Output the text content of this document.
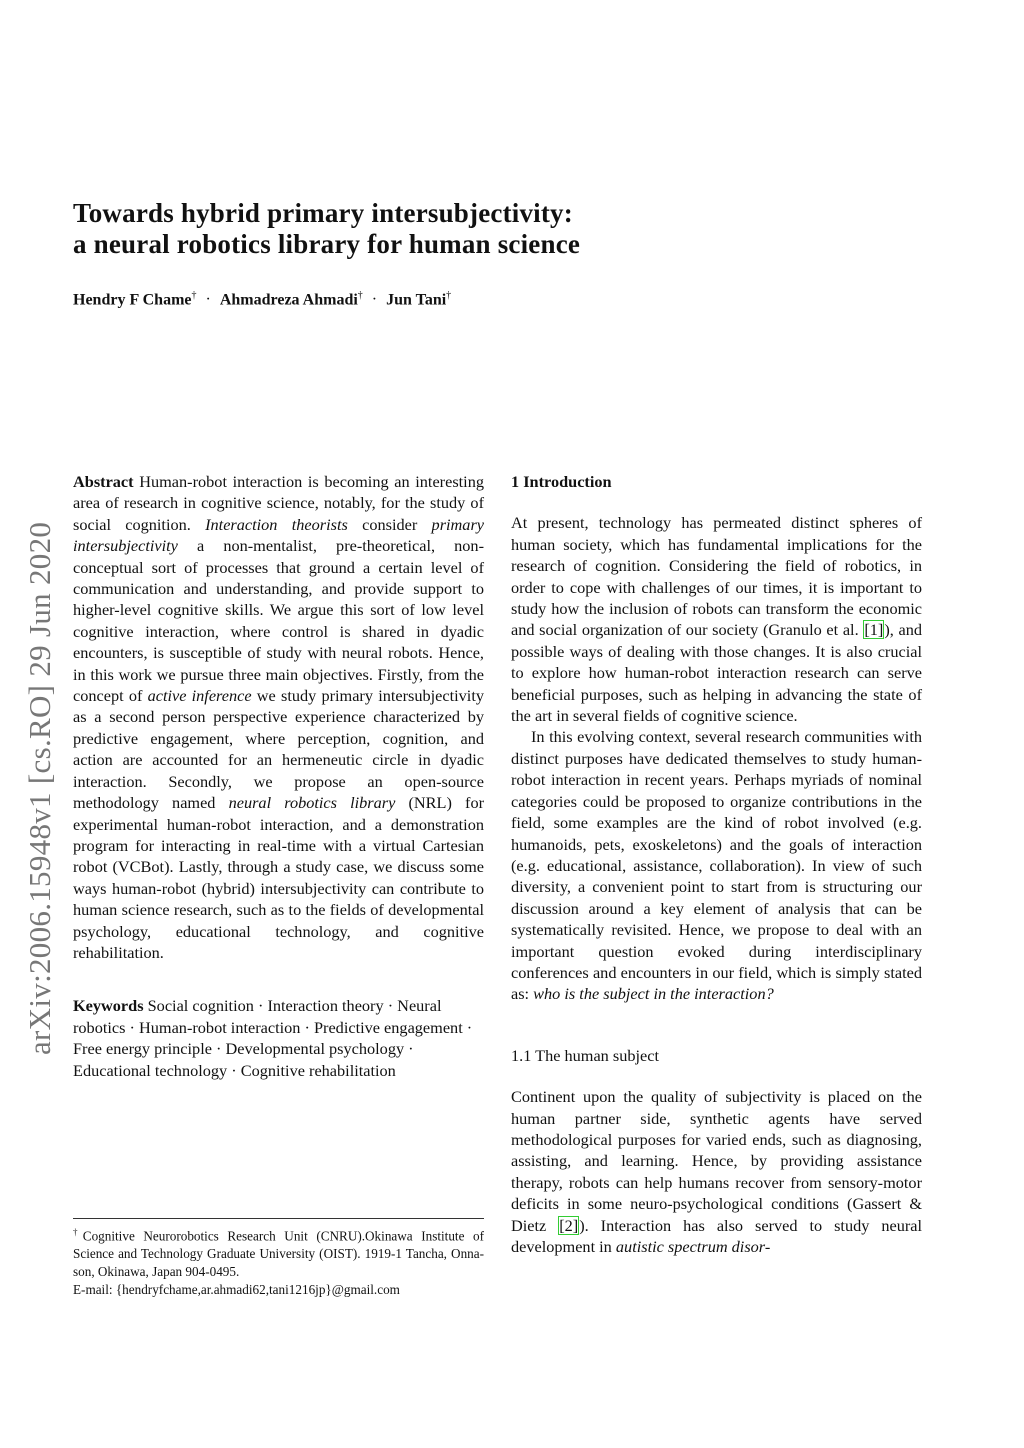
Towards hybrid primary intersubjectivity:
a neural robotics library for human science
Hendry F Chame† · Ahmadreza Ahmadi† · Jun Tani†
arXiv:2006.15948v1 [cs.RO] 29 Jun 2020

Abstract Human-robot interaction is becoming an interesting area of research in cognitive science, notably, for the study of social cognition. Interaction theorists consider primary intersubjectivity a non-mentalist, pre-theoretical, non-conceptual sort of processes that ground a certain level of communication and understanding, and provide support to higher-level cognitive skills. We argue this sort of low level cognitive interaction, where control is shared in dyadic encounters, is susceptible of study with neural robots. Hence, in this work we pursue three main objectives. Firstly, from the concept of active inference we study primary intersubjectivity as a second person perspective experience characterized by predictive engagement, where perception, cognition, and action are accounted for an hermeneutic circle in dyadic interaction. Secondly, we propose an open-source methodology named neural robotics library (NRL) for experimental human-robot interaction, and a demonstration program for interacting in real-time with a virtual Cartesian robot (VCBot). Lastly, through a study case, we discuss some ways human-robot (hybrid) intersubjectivity can contribute to human science research, such as to the fields of developmental psychology, educational technology, and cognitive rehabilitation.

Keywords Social cognition · Interaction theory · Neural robotics · Human-robot interaction · Predictive engagement · Free energy principle · Developmental psychology · Educational technology · Cognitive rehabilitation

†Cognitive Neurorobotics Research Unit (CNRU).Okinawa Institute of Science and Technology Graduate University (OIST). 1919-1 Tancha, Onna-son, Okinawa, Japan 904-0495.
E-mail: {hendryfchame,ar.ahmadi62,tani1216jp}@gmail.com

1 Introduction

At present, technology has permeated distinct spheres of human society, which has fundamental implications for the research of cognition. Considering the field of robotics, in order to cope with challenges of our times, it is important to study how the inclusion of robots can transform the economic and social organization of our society (Granulo et al. [1]), and possible ways of dealing with those changes. It is also crucial to explore how human-robot interaction research can serve beneficial purposes, such as helping in advancing the state of the art in several fields of cognitive science.

In this evolving context, several research communities with distinct purposes have dedicated themselves to study human-robot interaction in recent years. Perhaps myriads of nominal categories could be proposed to organize contributions in the field, some examples are the kind of robot involved (e.g. humanoids, pets, exoskeletons) and the goals of interaction (e.g. educational, assistance, collaboration). In view of such diversity, a convenient point to start from is structuring our discussion around a key element of analysis that can be systematically revisited. Hence, we propose to deal with an important question evoked during interdisciplinary conferences and encounters in our field, which is simply stated as: who is the subject in the interaction?

1.1 The human subject

Continent upon the quality of subjectivity is placed on the human partner side, synthetic agents have served methodological purposes for varied ends, such as diagnosing, assisting, and learning. Hence, by providing assistance therapy, robots can help humans recover from sensory-motor deficits in some neuro-psychological conditions (Gassert & Dietz [2]). Interaction has also served to study neural development in autistic spectrum disor-
